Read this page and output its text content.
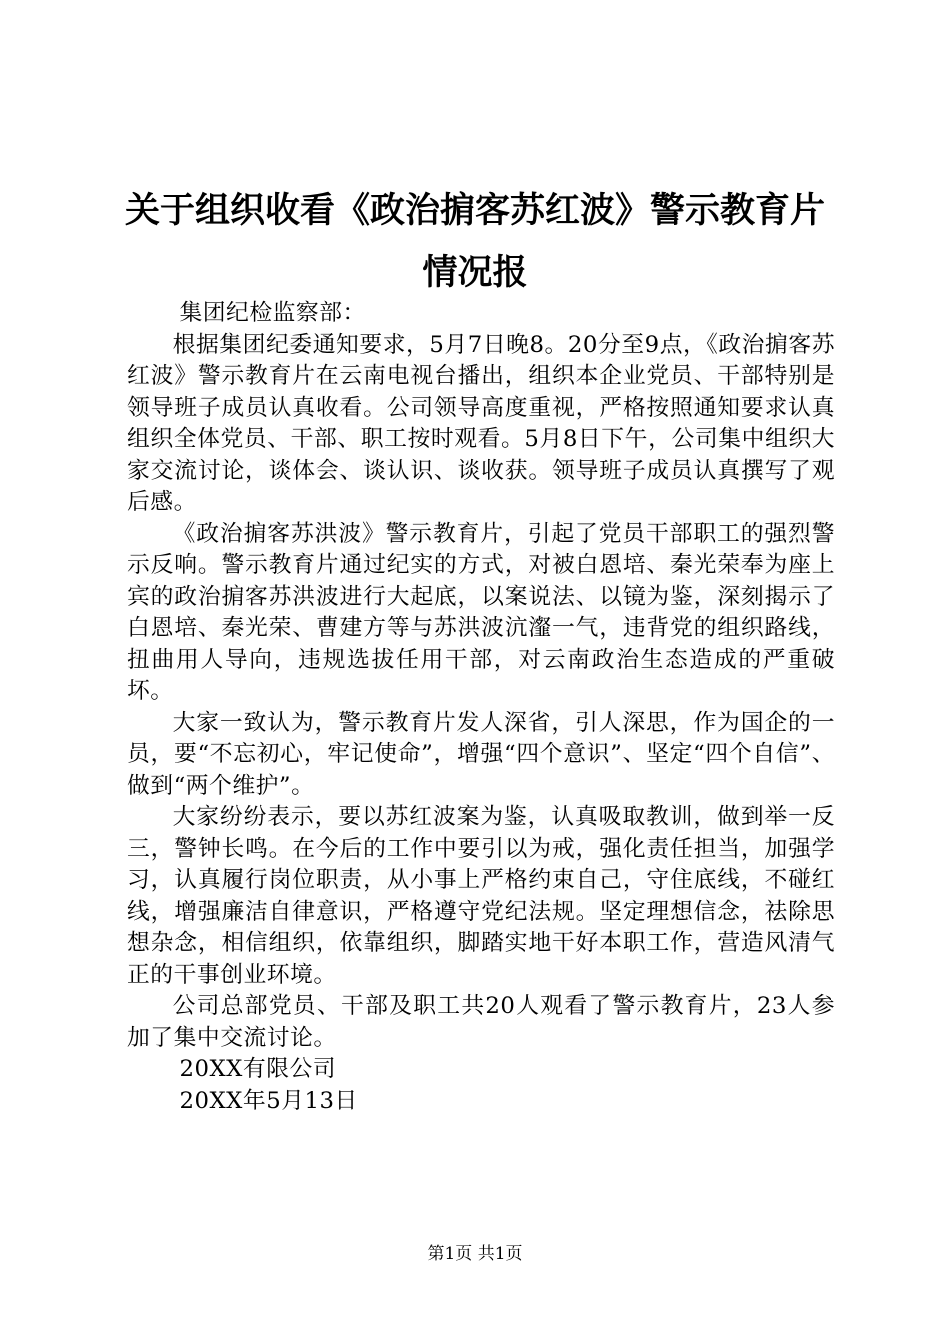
关于组织收看《政治掮客苏红波》警示教育片
情况报

集团纪检监察部：

根据集团纪委通知要求，5月7日晚8。20分至9点，《政治掮客苏红波》警示教育片在云南电视台播出，组织本企业党员、干部特别是领导班子成员认真收看。公司领导高度重视，严格按照通知要求认真组织全体党员、干部、职工按时观看。5月8日下午，公司集中组织大家交流讨论，谈体会、谈认识、谈收获。领导班子成员认真撰写了观后感。

《政治掮客苏洪波》警示教育片，引起了党员干部职工的强烈警示反响。警示教育片通过纪实的方式，对被白恩培、秦光荣奉为座上宾的政治掮客苏洪波进行大起底，以案说法、以镜为鉴，深刻揭示了白恩培、秦光荣、曹建方等与苏洪波沆瀣一气，违背党的组织路线，扭曲用人导向，违规选拔任用干部，对云南政治生态造成的严重破坏。

大家一致认为，警示教育片发人深省，引人深思，作为国企的一员，要“不忘初心，牢记使命”，增强“四个意识”、坚定“四个自信”、做到“两个维护”。

大家纷纷表示，要以苏红波案为鉴，认真吸取教训，做到举一反三，警钟长鸣。在今后的工作中要引以为戒，强化责任担当，加强学习，认真履行岗位职责，从小事上严格约束自己，守住底线，不碰红线，增强廉洁自律意识，严格遵守党纪法规。坚定理想信念，祛除思想杂念，相信组织，依靠组织，脚踏实地干好本职工作，营造风清气正的干事创业环境。

公司总部党员、干部及职工共20人观看了警示教育片，23人参加了集中交流讨论。

20XX有限公司

20XX年5月13日

第1页 共1页
